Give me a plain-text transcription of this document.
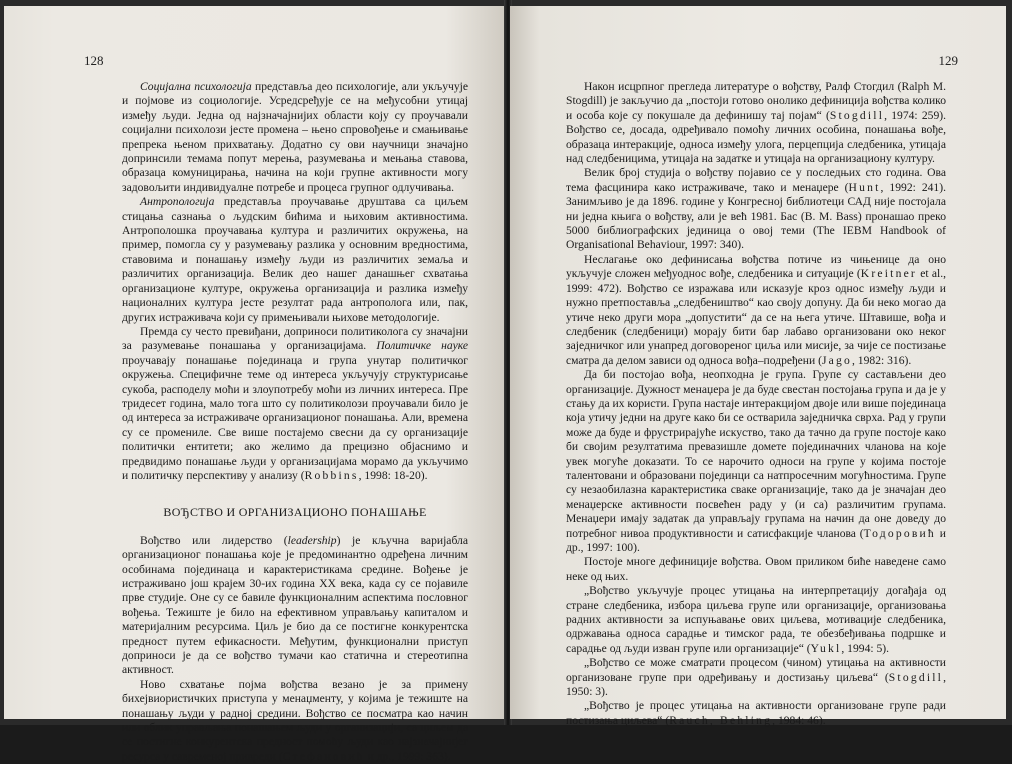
128

Социјална психологија представља део психологије, али укључује и појмове из социологије. Усредсређује се на међусобни утицај између људи. Једна од најзначајнијих области коју су проучавали социјални психолози јесте промена – њено спровођење и смањивање препрека њеном прихватању. Додатно су ови научници значајно допринсили темама попут мерења, разумевања и мењања ставова, образаца комуницирања, начина на који групне активности могу задовољити индивидуалне потребе и процеса групног одлучивања.

Антропологија представља проучавање друштава са циљем стицања сазнања о људским бићима и њиховим активностима. Антрополошка проучавања култура и различитих окружења, на пример, помогла су у разумевању разлика у основним вредностима, ставовима и понашању између људи из различитих земаља и различитих организација. Велик део нашег данашњег схватања организационе културе, окружења организација и разлика између националних култура јесте резултат рада антрополога или, пак, других истраживача који су примењивали њихове методологије.

Премда су често превиђани, доприноси политиколога су значајни за разумевање понашања у организацијама. Политичке науке проучавају понашање појединаца и група унутар политичког окружења. Специфичне теме од интереса укључују структурисање сукоба, расподелу моћи и злоупотребу моћи из личних интереса. Пре тридесет година, мало тога што су политиколози проучавали било је од интереса за истраживаче организационог понашања. Али, времена су се промениле. Све више постајемо свесни да су организације политички ентитети; ако желимо да прецизно објаснимо и предвидимо понашање људи у организацијама морамо да укључимо и политичку перспективу у анализу (Robbins, 1998: 18-20).

ВОЂСТВО И ОРГАНИЗАЦИОНО ПОНАШАЊЕ

Вођство или лидерство (leadership) је кључна варијабла организационог понашања које је предоминантно одређена личним особинама појединаца и карактеристикама средине. Вођење је истраживано још крајем 30-их година XX века, када су се појавиле прве студије. Оне су се бавиле функционалним аспектима пословног вођења. Тежиште је било на ефективном управљању капиталом и материјалним ресурсима. Циљ је био да се постигне конкурентска предност путем ефикасности. Међутим, функционални приступ доприноси је да се вођство тумачи као статична и стереотипна активност.

Ново схватање појма вођства везано је за примену бихејвиористичких приступа у менаџменту, у којима је тежиште на понашању људи у радној средини. Вођство се посматра као начин или облик управљања понашањем људи у организацији, са циљем да се постигне конкурентска предност помоћу људи као најзначајнијег ресурса у савременој привреди (Стефановић и др., 1999: 363).

129

Након исцрпног прегледа литературе о вођству, Ралф Стогдил (Ralph M. Stogdill) је закључио да „постоји готово онолико дефиниција вођства колико и особа које су покушале да дефинишу тај појам“ (Stogdill, 1974: 259). Вођство се, досада, одређивало помоћу личних особина, понашања вође, образаца интеракције, односа између улога, перцепција следбеника, утицаја над следбеницима, утицаја на задатке и утицаја на организациону културу.

Велик број студија о вођству појавио се у последњих сто година. Ова тема фасцинира како истраживаче, тако и менаџере (Hunt, 1992: 241). Занимљиво је да 1896. године у Конгресној библиотеци САД није постојала ни једна књига о вођству, али је већ 1981. Бас (B. M. Bass) пронашао преко 5000 библиографских јединица о овој теми (The IEBM Handbook of Organisational Behaviour, 1997: 340).

Неслагање око дефинисања вођства потиче из чињенице да оно укључује сложен међуоднос вође, следбеника и ситуације (Kreitner et al., 1999: 472). Вођство се изражава или исказује кроз однос између људи и нужно претпоставља „следбеништво“ као своју допуну. Да би неко могао да утиче неко други мора „допустити“ да се на њега утиче. Штавише, вођа и следбеник (следбеници) морају бити бар лабаво организовани око неког заједничког или унапред договореног циља или мисије, за чије се постизање сматра да делом зависи од односа вођа–подређени (Jago, 1982: 316).

Да би постојао вођа, неопходна је група. Групе су састављени део организације. Дужност менаџера је да буде свестан постојања група и да је у стању да их користи. Група настаје интеракцијом двоје или више појединаца која утичу једни на друге како би се остварила заједничка сврха. Рад у групи може да буде и фрустрирајуће искуство, тако да тачно да групе постоје како би својим резултатима превазишле домете појединачних чланова на које увек могуће доказати. То се нарочито односи на групе у којима постоје талентовани и образовани појединци са натпросечним могућностима. Групе су незаобилазна карактеристика сваке организације, тако да је значајан део менаџерске активности посвећен раду у (и са) различитим групама. Менаџери имају задатак да управљају групама на начин да оне доведу до потребног нивоа продуктивности и сатисфакције чланова (Тодоровић и др., 1997: 100).

Постоје многе дефиниције вођства. Овом приликом биће наведене само неке од њих.

„Вођство укључује процес утицања на интерпретацију догађаја од стране следбеника, избора циљева групе или организације, организовања радних активности за испуњавање ових циљева, мотивације следбеника, одржавања односа сарадње и тимског рада, те обезбеђивања подршке и сарадње од људи изван групе или организације“ (Yukl, 1994: 5).

„Вођство се може сматрати процесом (чином) утицања на активности организоване групе при одређивању и достизању циљева“ (Stogdill, 1950: 3).

„Вођство је процес утицања на активности организоване групе ради постизања циљева“ (Rauch, Behling, 1984: 46).
